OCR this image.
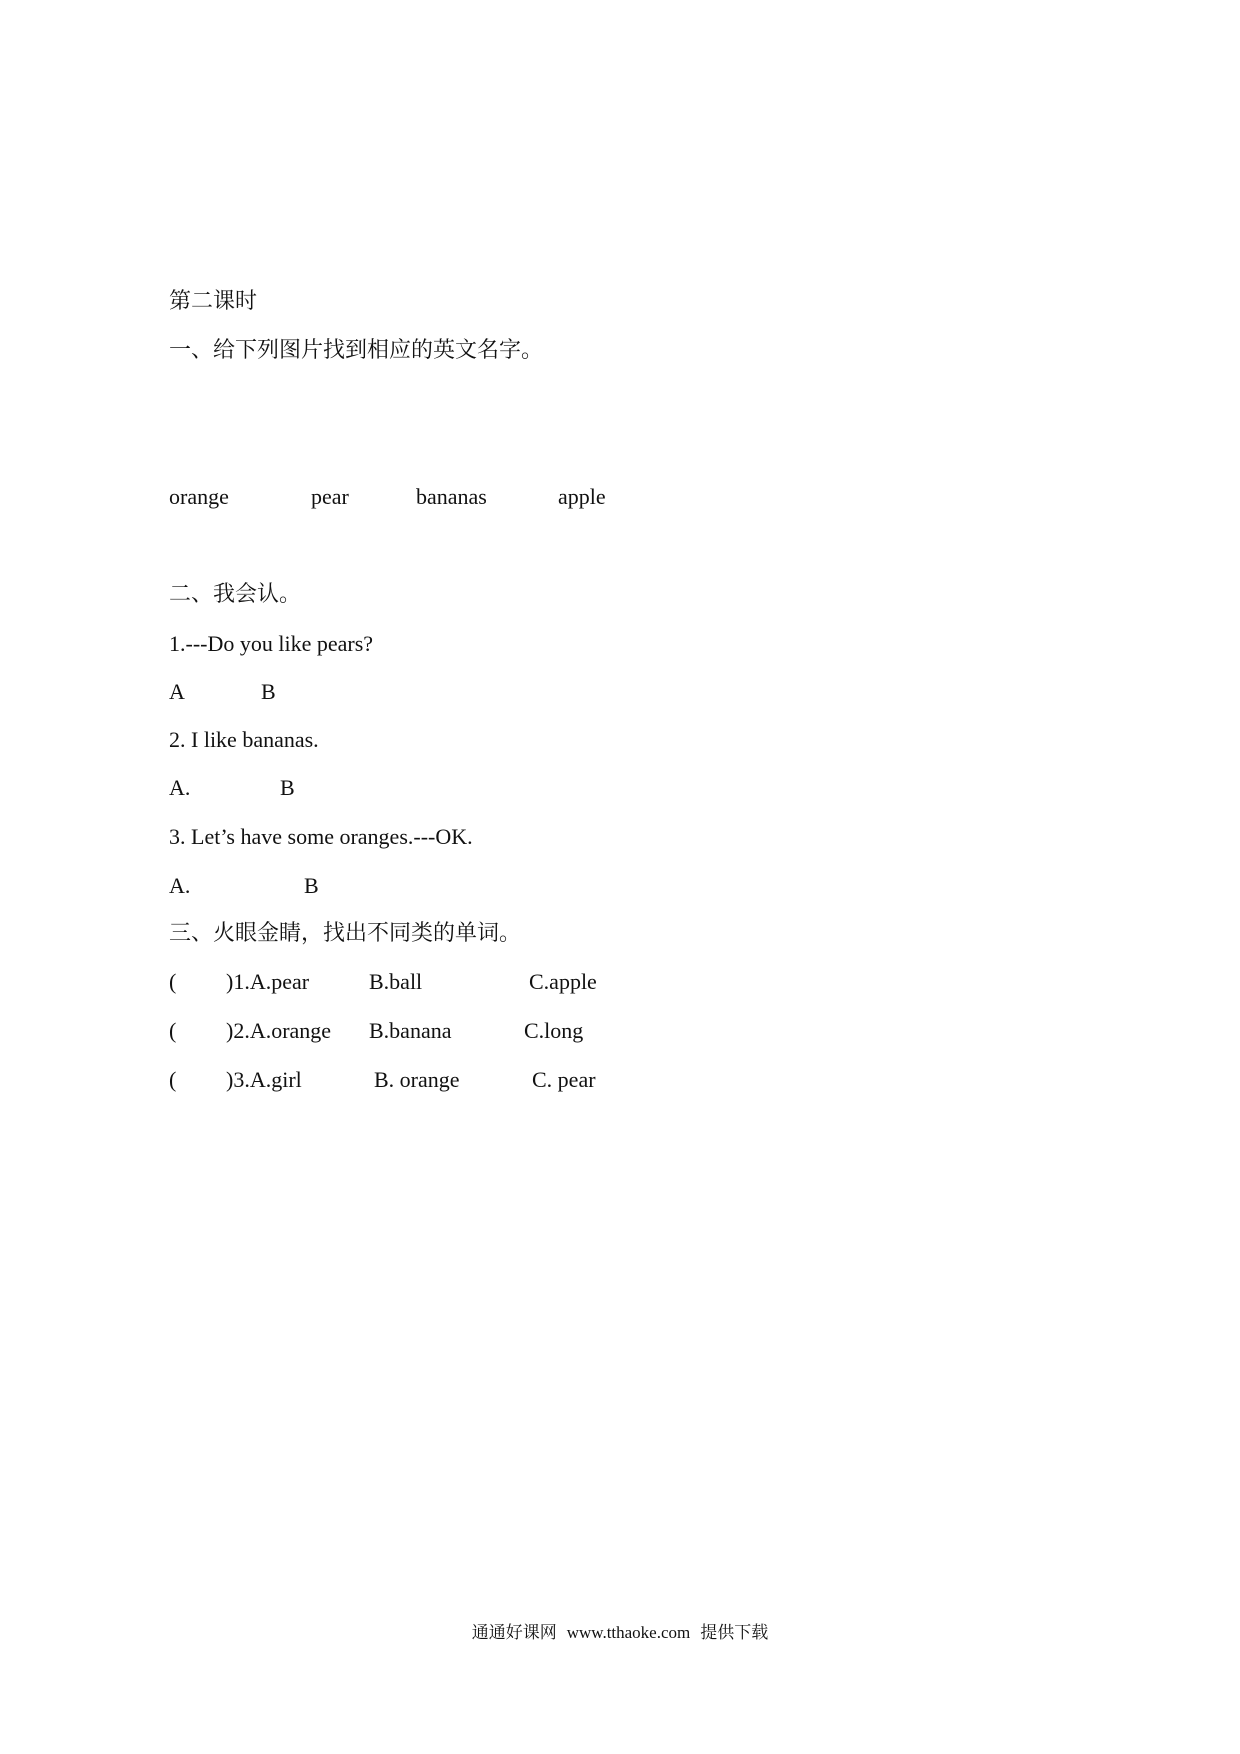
第二课时
一、给下列图片找到相应的英文名字。
orange	pear	bananas	apple
二、我会认。
1.---Do you like pears?
A	B
2. I like bananas.
A.	B
3. Let’s have some oranges.---OK.
A.	B
三、火眼金睛，找出不同类的单词。
( )1.A.pear	B.ball	C.apple
( )2.A.orange B.banana	C.long
( )3.A.girl	B. orange	C. pear
通通好课网 www.tthaoke.com 提供下载
